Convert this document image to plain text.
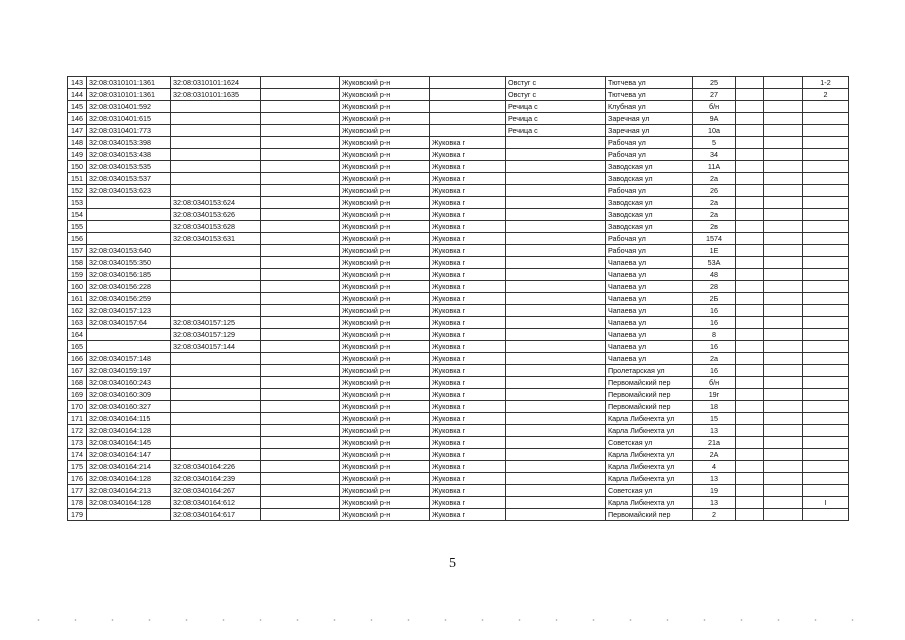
143	32:08:0310101:1361	32:08:0310101:1624		Жуковский р-н		Овстуг с	Тютчева ул	25			1-2
144	32:08:0310101:1361	32:08:0310101:1635		Жуковский р-н		Овстуг с	Тютчева ул	27			2
145	32:08:0310401:592			Жуковский р-н		Речица с	Клубная ул	б/н			
146	32:08:0310401:615			Жуковский р-н		Речица с	Заречная ул	9А			
147	32:08:0310401:773			Жуковский р-н		Речица с	Заречная ул	10а			
148	32:08:0340153:398			Жуковский р-н	Жуковка г		Рабочая ул	5			
149	32:08:0340153:438			Жуковский р-н	Жуковка г		Рабочая ул	34			
150	32:08:0340153:535			Жуковский р-н	Жуковка г		Заводская ул	11А			
151	32:08:0340153:537			Жуковский р-н	Жуковка г		Заводская ул	2а			
152	32:08:0340153:623			Жуковский р-н	Жуковка г		Рабочая ул	26			
153		32:08:0340153:624		Жуковский р-н	Жуковка г		Заводская ул	2а			
154		32:08:0340153:626		Жуковский р-н	Жуковка г		Заводская ул	2а			
155		32:08:0340153:628		Жуковский р-н	Жуковка г		Заводская ул	2в			
156		32:08:0340153:631		Жуковский р-н	Жуковка г		Рабочая ул	1574			
157	32:08:0340153:640			Жуковский р-н	Жуковка г		Рабочая ул	1Е			
158	32:08:0340155:350			Жуковский р-н	Жуковка г		Чапаева ул	53А			
159	32:08:0340156:185			Жуковский р-н	Жуковка г		Чапаева ул	48			
160	32:08:0340156:228			Жуковский р-н	Жуковка г		Чапаева ул	28			
161	32:08:0340156:259			Жуковский р-н	Жуковка г		Чапаева ул	2Б			
162	32:08:0340157:123			Жуковский р-н	Жуковка г		Чапаева ул	16			
163	32:08:0340157:64	32:08:0340157:125		Жуковский р-н	Жуковка г		Чапаева ул	16			
164		32:08:0340157:129		Жуковский р-н	Жуковка г		Чапаева ул	8			
165		32:08:0340157:144		Жуковский р-н	Жуковка г		Чапаева ул	16			
166	32:08:0340157:148			Жуковский р-н	Жуковка г		Чапаева ул	2а			
167	32:08:0340159:197			Жуковский р-н	Жуковка г		Пролетарская ул	16			
168	32:08:0340160:243			Жуковский р-н	Жуковка г		Первомайский пер	б/н			
169	32:08:0340160:309			Жуковский р-н	Жуковка г		Первомайский пер	19г			
170	32:08:0340160:327			Жуковский р-н	Жуковка г		Первомайский пер	18			
171	32:08:0340164:115			Жуковский р-н	Жуковка г		Карла Либкнехта ул	15			
172	32:08:0340164:128			Жуковский р-н	Жуковка г		Карла Либкнехта ул	13			
173	32:08:0340164:145			Жуковский р-н	Жуковка г		Советская ул	21а			
174	32:08:0340164:147			Жуковский р-н	Жуковка г		Карла Либкнехта ул	2А			
175	32:08:0340164:214	32:08:0340164:226		Жуковский р-н	Жуковка г		Карла Либкнехта ул	4			
176	32:08:0340164:128	32:08:0340164:239		Жуковский р-н	Жуковка г		Карла Либкнехта ул	13			
177	32:08:0340164:213	32:08:0340164:267		Жуковский р-н	Жуковка г		Советская ул	19			
178	32:08:0340164:128	32:08:0340164:612		Жуковский р-н	Жуковка г		Карла Либкнехта ул	13			I
179		32:08:0340164:617		Жуковский р-н	Жуковка г		Первомайский пер	2			
5
